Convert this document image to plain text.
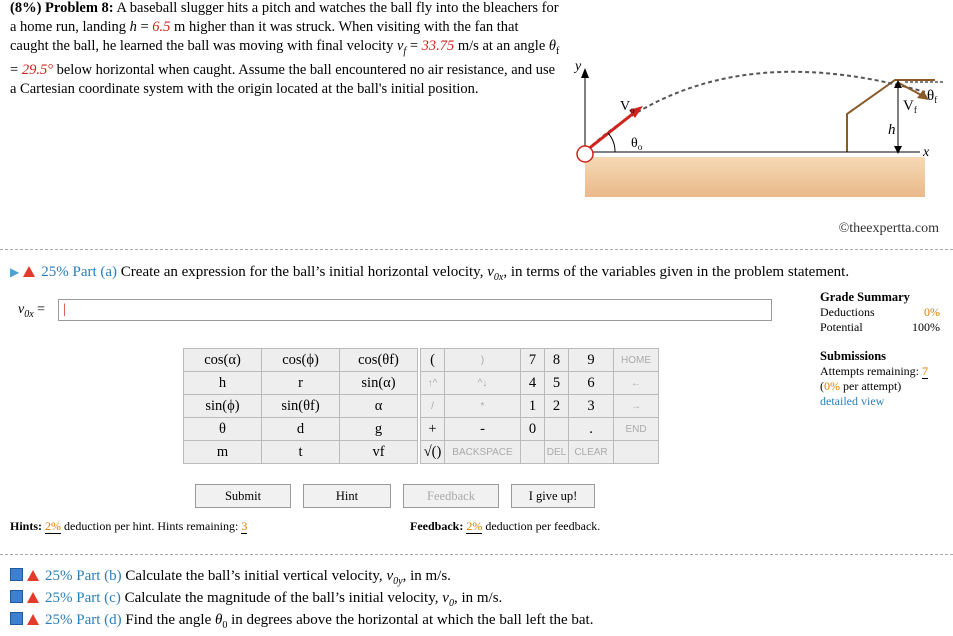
(8%) Problem 8: A baseball slugger hits a pitch and watches the ball fly into the bleachers for a home run, landing h = 6.5 m higher than it was struck. When visiting with the fan that caught the ball, he learned the ball was moving with final velocity $v_f = 33.75$ m/s at an angle $\theta_f = 29.5^\circ$ below horizontal when caught. Assume the ball encountered no air resistance, and use a Cartesian coordinate system with the origin located at the ball's initial position.
y
x
$V_o$
$\theta_o$
$V_f$
$\theta_f$
h
©theexpertta.com
▶ 25% Part (a) Create an expression for the ball’s initial horizontal velocity, $v_{0x}$, in terms of the variables given in the problem statement.
$v_{0x}$ =	|
cos(α)	cos(ϕ)	cos(θf)		(	)	7	8	9	HOME
h	r	sin(α)		↑^	^↓	4	5	6	←
sin(ϕ)	sin(θf)	α		/	*	1	2	3	→
θ	d	g		+	-	0		.	END
m	t	vf		√()	BACKSPACE		DEL	CLEAR	
Grade Summary
Deductions	0%
Potential	100%
Submissions
Attempts remaining: 7
(0% per attempt)
detailed view
Submit	Hint	Feedback	I give up!
Hints: 2% deduction per hint. Hints remaining: 3	Feedback: 2% deduction per feedback.
25% Part (b) Calculate the ball’s initial vertical velocity, $v_{0y}$, in m/s.
25% Part (c) Calculate the magnitude of the ball’s initial velocity, $v_0$, in m/s.
25% Part (d) Find the angle $\theta_0$ in degrees above the horizontal at which the ball left the bat.
